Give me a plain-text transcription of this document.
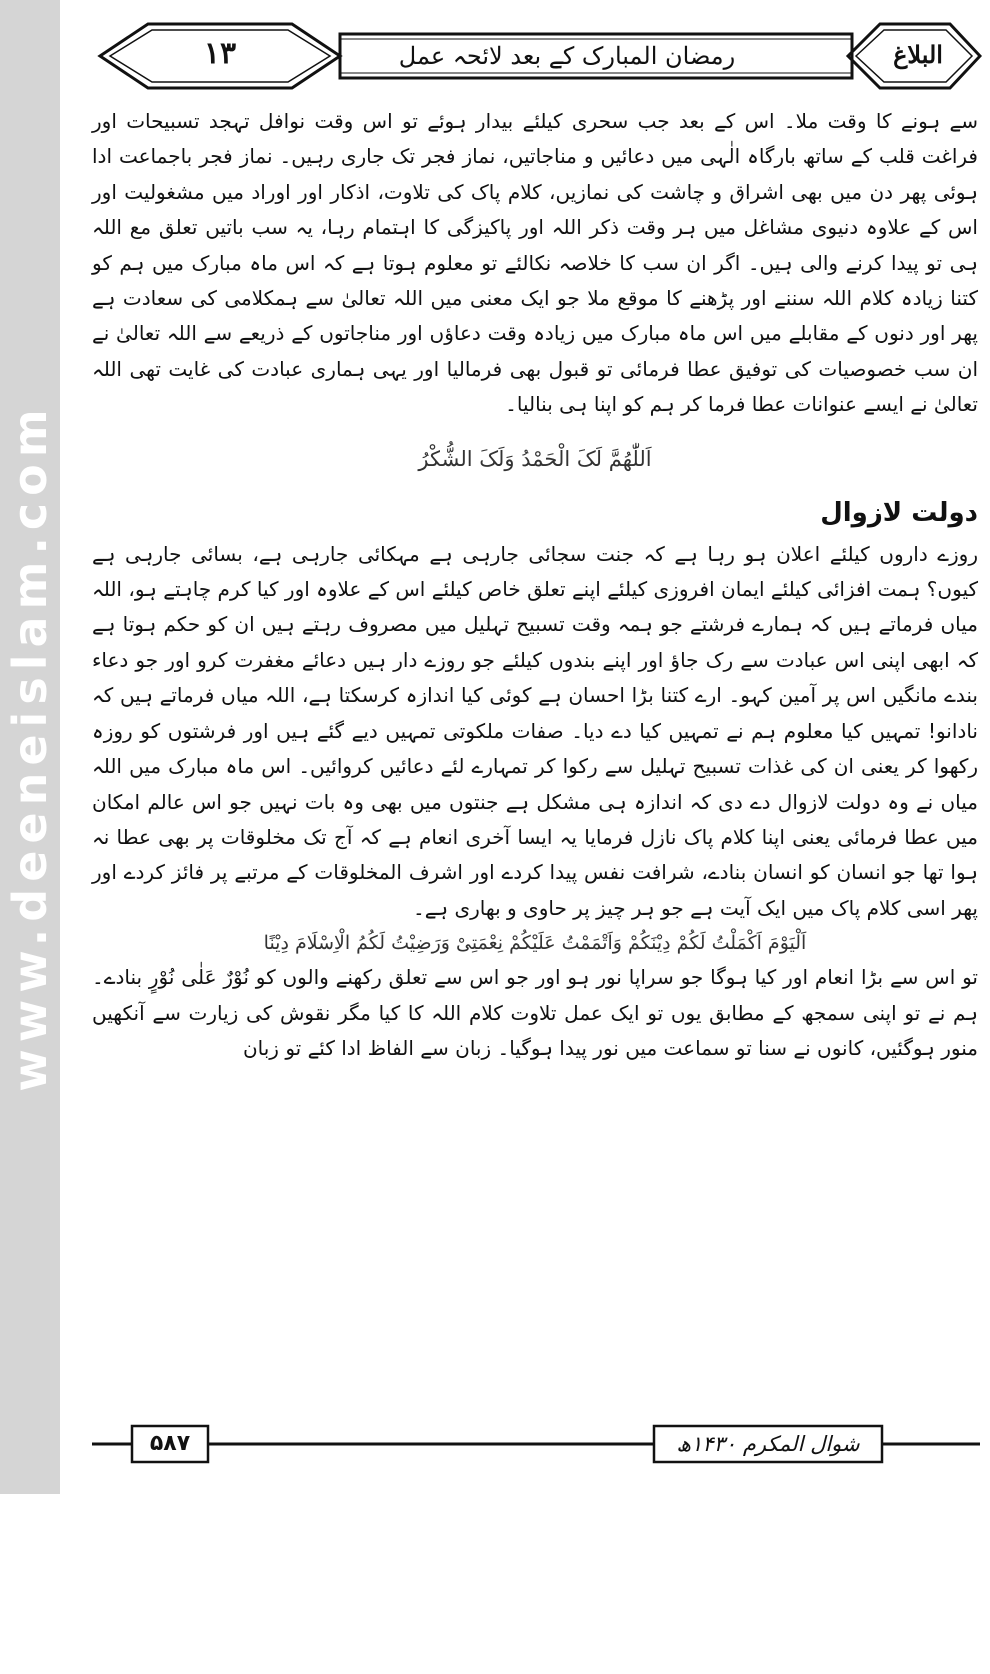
www.deeneislam.com
۱۳	رمضان المبارک کے بعد لائحہ عمل	البلاغ

سے ہونے کا وقت ملا۔ اس کے بعد جب سحری کیلئے بیدار ہوئے تو اس وقت نوافل تہجد تسبیحات اور فراغت قلب کے ساتھ بارگاہ الٰہی میں دعائیں و مناجاتیں، نماز فجر تک جاری رہیں۔ نماز فجر باجماعت ادا ہوئی پھر دن میں بھی اشراق و چاشت کی نمازیں، کلام پاک کی تلاوت، اذکار اور اوراد میں مشغولیت اور اس کے علاوہ دنیوی مشاغل میں ہر وقت ذکر اللہ اور پاکیزگی کا اہتمام رہا، یہ سب باتیں تعلق مع اللہ ہی تو پیدا کرنے والی ہیں۔ اگر ان سب کا خلاصہ نکالئے تو معلوم ہوتا ہے کہ اس ماہ مبارک میں ہم کو کتنا زیادہ کلام اللہ سننے اور پڑھنے کا موقع ملا جو ایک معنی میں اللہ تعالیٰ سے ہمکلامی کی سعادت ہے پھر اور دنوں کے مقابلے میں اس ماہ مبارک میں زیادہ وقت دعاؤں اور مناجاتوں کے ذریعے سے اللہ تعالیٰ نے ان سب خصوصیات کی توفیق عطا فرمائی تو قبول بھی فرمالیا اور یہی ہماری عبادت کی غایت تھی اللہ تعالیٰ نے ایسے عنوانات عطا فرما کر ہم کو اپنا ہی بنالیا۔

اَللّٰھُمَّ لَکَ الْحَمْدُ وَلَکَ الشُّکْرُ

دولت لازوال

روزے داروں کیلئے اعلان ہو رہا ہے کہ جنت سجائی جارہی ہے مہکائی جارہی ہے، بسائی جارہی ہے کیوں؟ ہمت افزائی کیلئے ایمان افروزی کیلئے اپنے تعلق خاص کیلئے اس کے علاوہ اور کیا کرم چاہتے ہو، اللہ میاں فرماتے ہیں کہ ہمارے فرشتے جو ہمہ وقت تسبیح تہلیل میں مصروف رہتے ہیں ان کو حکم ہوتا ہے کہ ابھی اپنی اس عبادت سے رک جاؤ اور اپنے بندوں کیلئے جو روزے دار ہیں دعائے مغفرت کرو اور جو دعاء بندے مانگیں اس پر آمین کہو۔ ارے کتنا بڑا احسان ہے کوئی کیا اندازہ کرسکتا ہے، اللہ میاں فرماتے ہیں کہ نادانو! تمہیں کیا معلوم ہم نے تمہیں کیا دے دیا۔ صفات ملکوتی تمہیں دیے گئے ہیں اور فرشتوں کو روزہ رکھوا کر یعنی ان کی غذات تسبیح تہلیل سے رکوا کر تمہارے لئے دعائیں کروائیں۔ اس ماہ مبارک میں اللہ میاں نے وہ دولت لازوال دے دی کہ اندازہ ہی مشکل ہے جنتوں میں بھی وہ بات نہیں جو اس عالم امکان میں عطا فرمائی یعنی اپنا کلام پاک نازل فرمایا یہ ایسا آخری انعام ہے کہ آج تک مخلوقات پر بھی عطا نہ ہوا تھا جو انسان کو انسان بنادے، شرافت نفس پیدا کردے اور اشرف المخلوقات کے مرتبے پر فائز کردے اور پھر اسی کلام پاک میں ایک آیت ہے جو ہر چیز پر حاوی و بھاری ہے۔

اَلْیَوْمَ اَکْمَلْتُ لَکُمْ دِیْنَکُمْ وَاَتْمَمْتُ عَلَیْکُمْ نِعْمَتِیْ وَرَضِیْتُ لَکُمُ الْاِسْلَامَ دِیْنًا

تو اس سے بڑا انعام اور کیا ہوگا جو سراپا نور ہو اور جو اس سے تعلق رکھنے والوں کو نُوْرٌ عَلٰی نُوْرٍ بنادے۔ ہم نے تو اپنی سمجھ کے مطابق یوں تو ایک عمل تلاوت کلام اللہ کا کیا مگر نقوش کی زیارت سے آنکھیں منور ہوگئیں، کانوں نے سنا تو سماعت میں نور پیدا ہوگیا۔ زبان سے الفاظ ادا کئے تو زبان

۵۸۷	شوال المکرم ۱۴۳۰ھ
